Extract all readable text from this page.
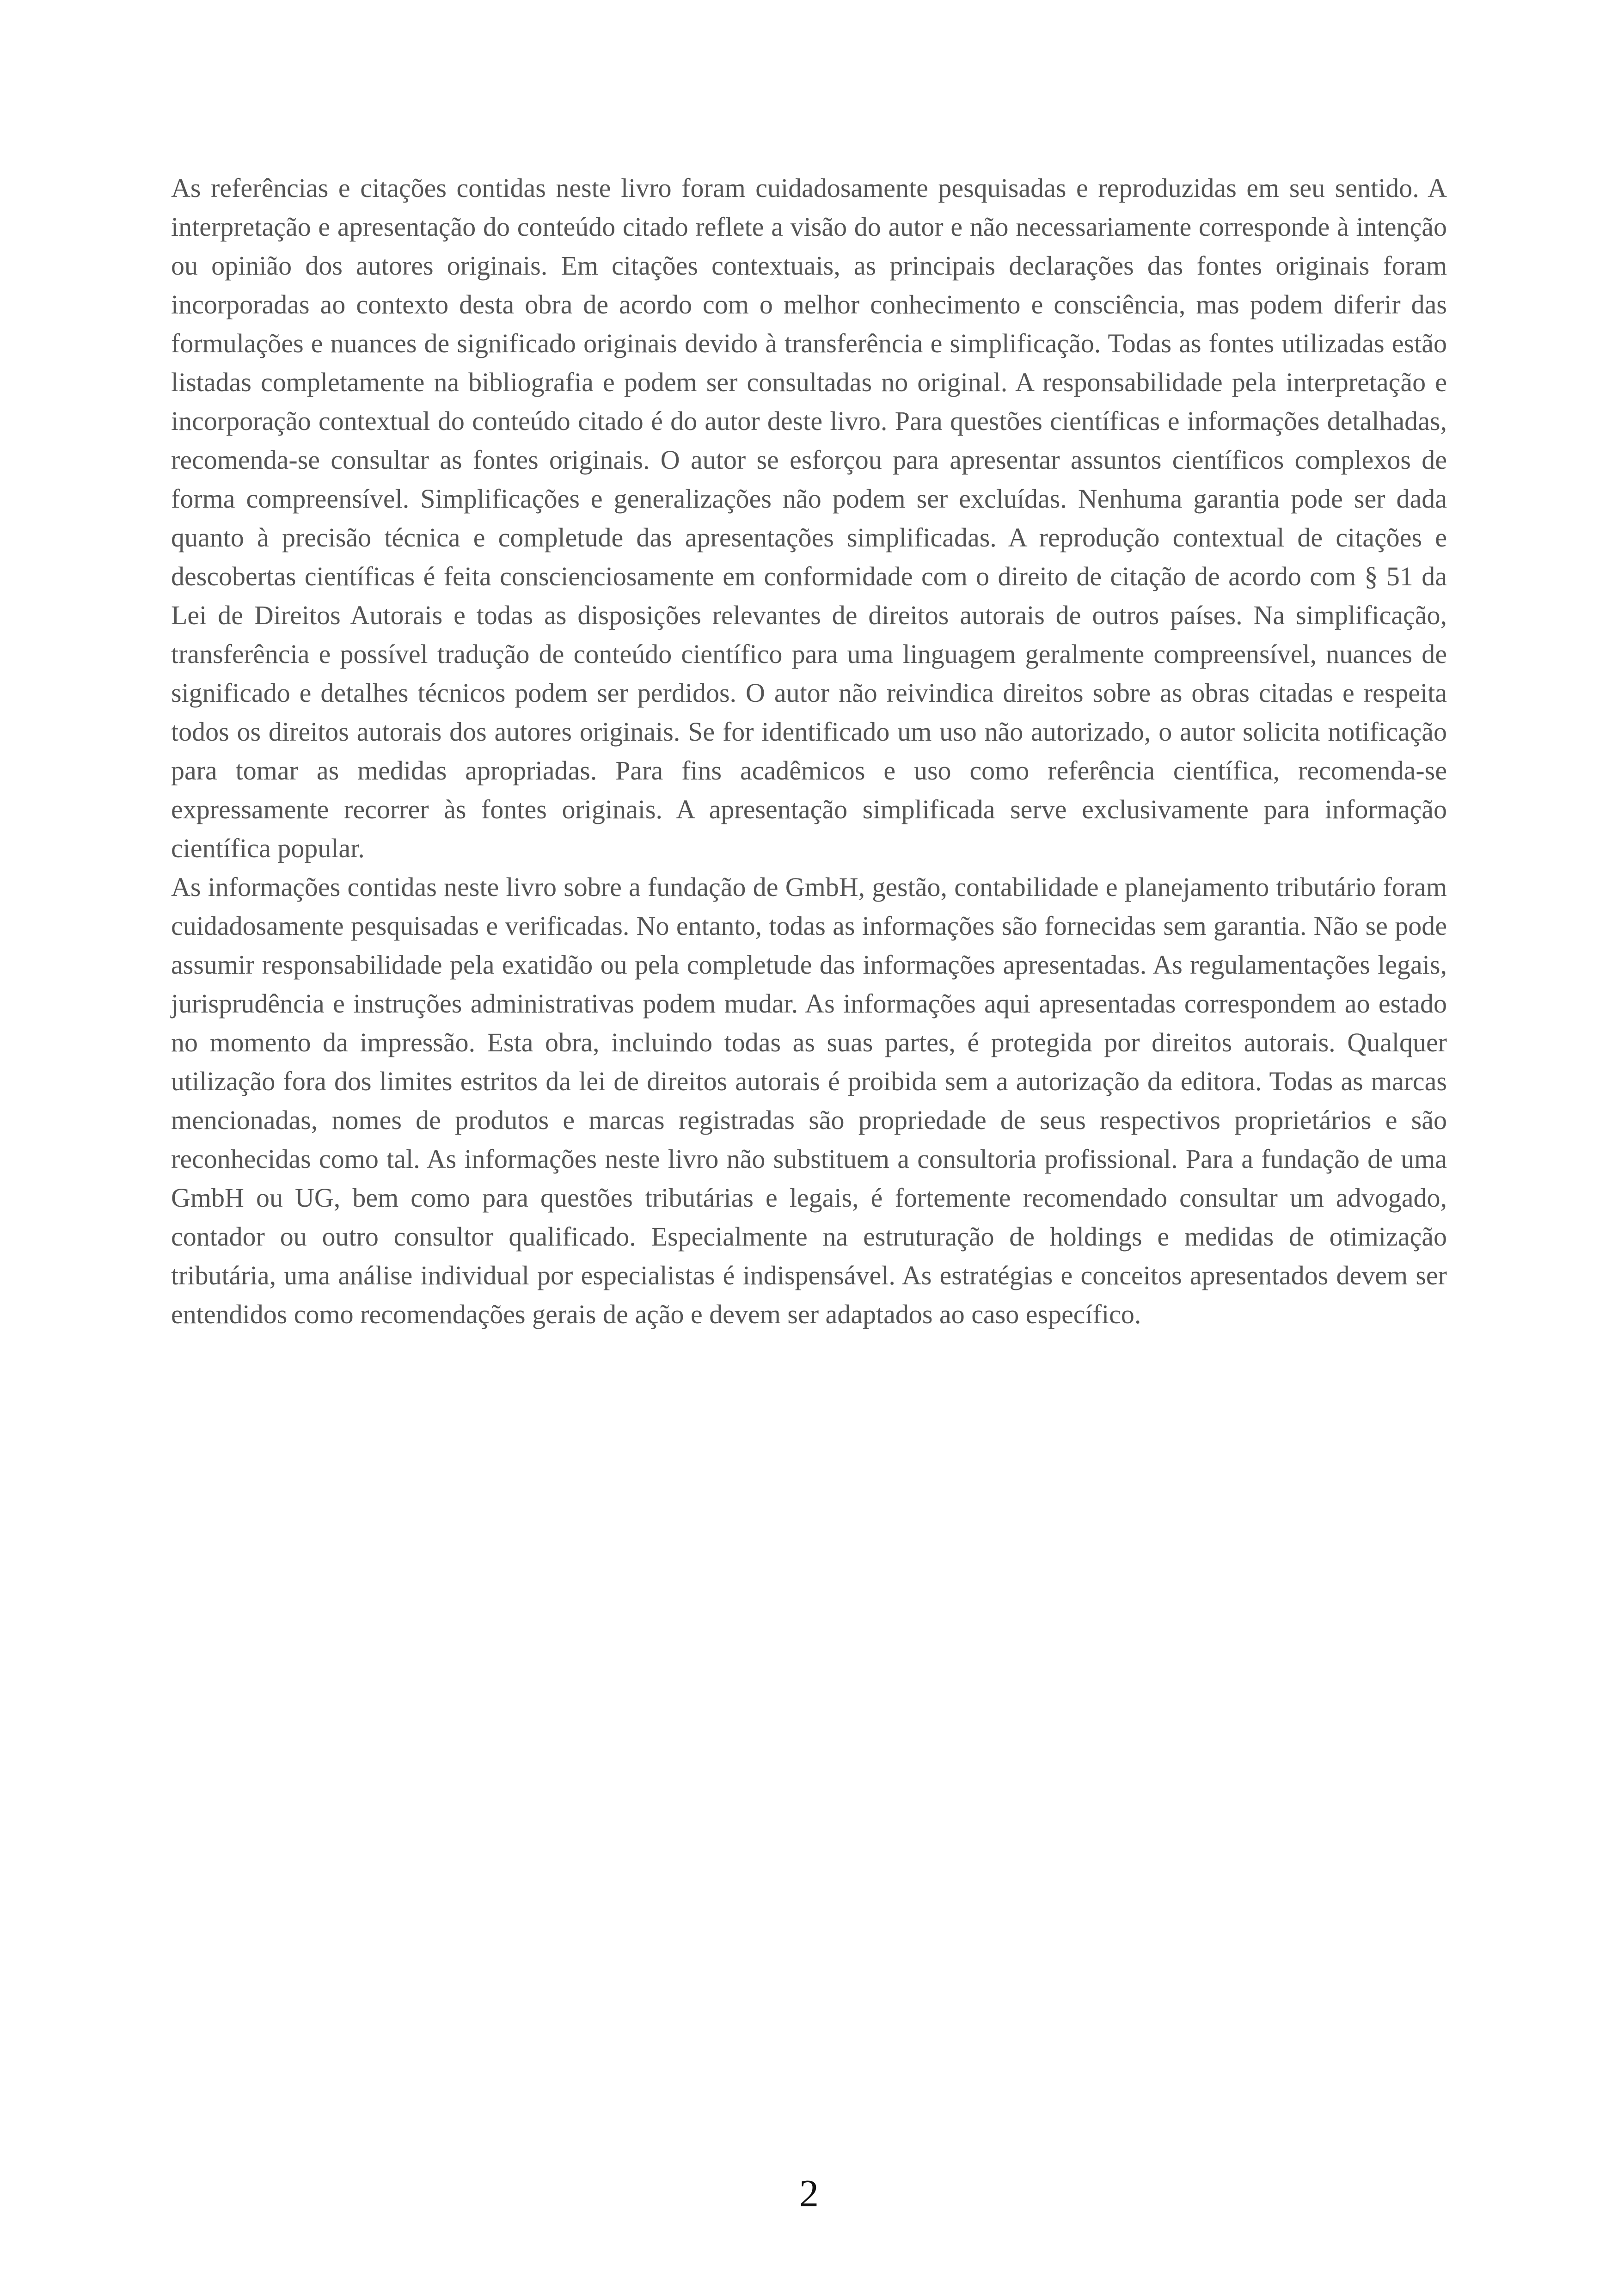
As referências e citações contidas neste livro foram cuidadosamente pesquisadas e reproduzidas em seu sentido. A interpretação e apresentação do conteúdo citado reflete a visão do autor e não necessariamente corresponde à intenção ou opinião dos autores originais. Em citações contextuais, as principais declarações das fontes originais foram incorporadas ao contexto desta obra de acordo com o melhor conhecimento e consciência, mas podem diferir das formulações e nuances de significado originais devido à transferência e simplificação. Todas as fontes utilizadas estão listadas completamente na bibliografia e podem ser consultadas no original. A responsabilidade pela interpretação e incorporação contextual do conteúdo citado é do autor deste livro. Para questões científicas e informações detalhadas, recomenda-se consultar as fontes originais. O autor se esforçou para apresentar assuntos científicos complexos de forma compreensível. Simplificações e generalizações não podem ser excluídas. Nenhuma garantia pode ser dada quanto à precisão técnica e completude das apresentações simplificadas. A reprodução contextual de citações e descobertas científicas é feita conscienciosamente em conformidade com o direito de citação de acordo com § 51 da Lei de Direitos Autorais e todas as disposições relevantes de direitos autorais de outros países. Na simplificação, transferência e possível tradução de conteúdo científico para uma linguagem geralmente compreensível, nuances de significado e detalhes técnicos podem ser perdidos. O autor não reivindica direitos sobre as obras citadas e respeita todos os direitos autorais dos autores originais. Se for identificado um uso não autorizado, o autor solicita notificação para tomar as medidas apropriadas. Para fins acadêmicos e uso como referência científica, recomenda-se expressamente recorrer às fontes originais. A apresentação simplificada serve exclusivamente para informação científica popular.

As informações contidas neste livro sobre a fundação de GmbH, gestão, contabilidade e planejamento tributário foram cuidadosamente pesquisadas e verificadas. No entanto, todas as informações são fornecidas sem garantia. Não se pode assumir responsabilidade pela exatidão ou pela completude das informações apresentadas. As regulamentações legais, jurisprudência e instruções administrativas podem mudar. As informações aqui apresentadas correspondem ao estado no momento da impressão. Esta obra, incluindo todas as suas partes, é protegida por direitos autorais. Qualquer utilização fora dos limites estritos da lei de direitos autorais é proibida sem a autorização da editora. Todas as marcas mencionadas, nomes de produtos e marcas registradas são propriedade de seus respectivos proprietários e são reconhecidas como tal. As informações neste livro não substituem a consultoria profissional. Para a fundação de uma GmbH ou UG, bem como para questões tributárias e legais, é fortemente recomendado consultar um advogado, contador ou outro consultor qualificado. Especialmente na estruturação de holdings e medidas de otimização tributária, uma análise individual por especialistas é indispensável. As estratégias e conceitos apresentados devem ser entendidos como recomendações gerais de ação e devem ser adaptados ao caso específico.

2
